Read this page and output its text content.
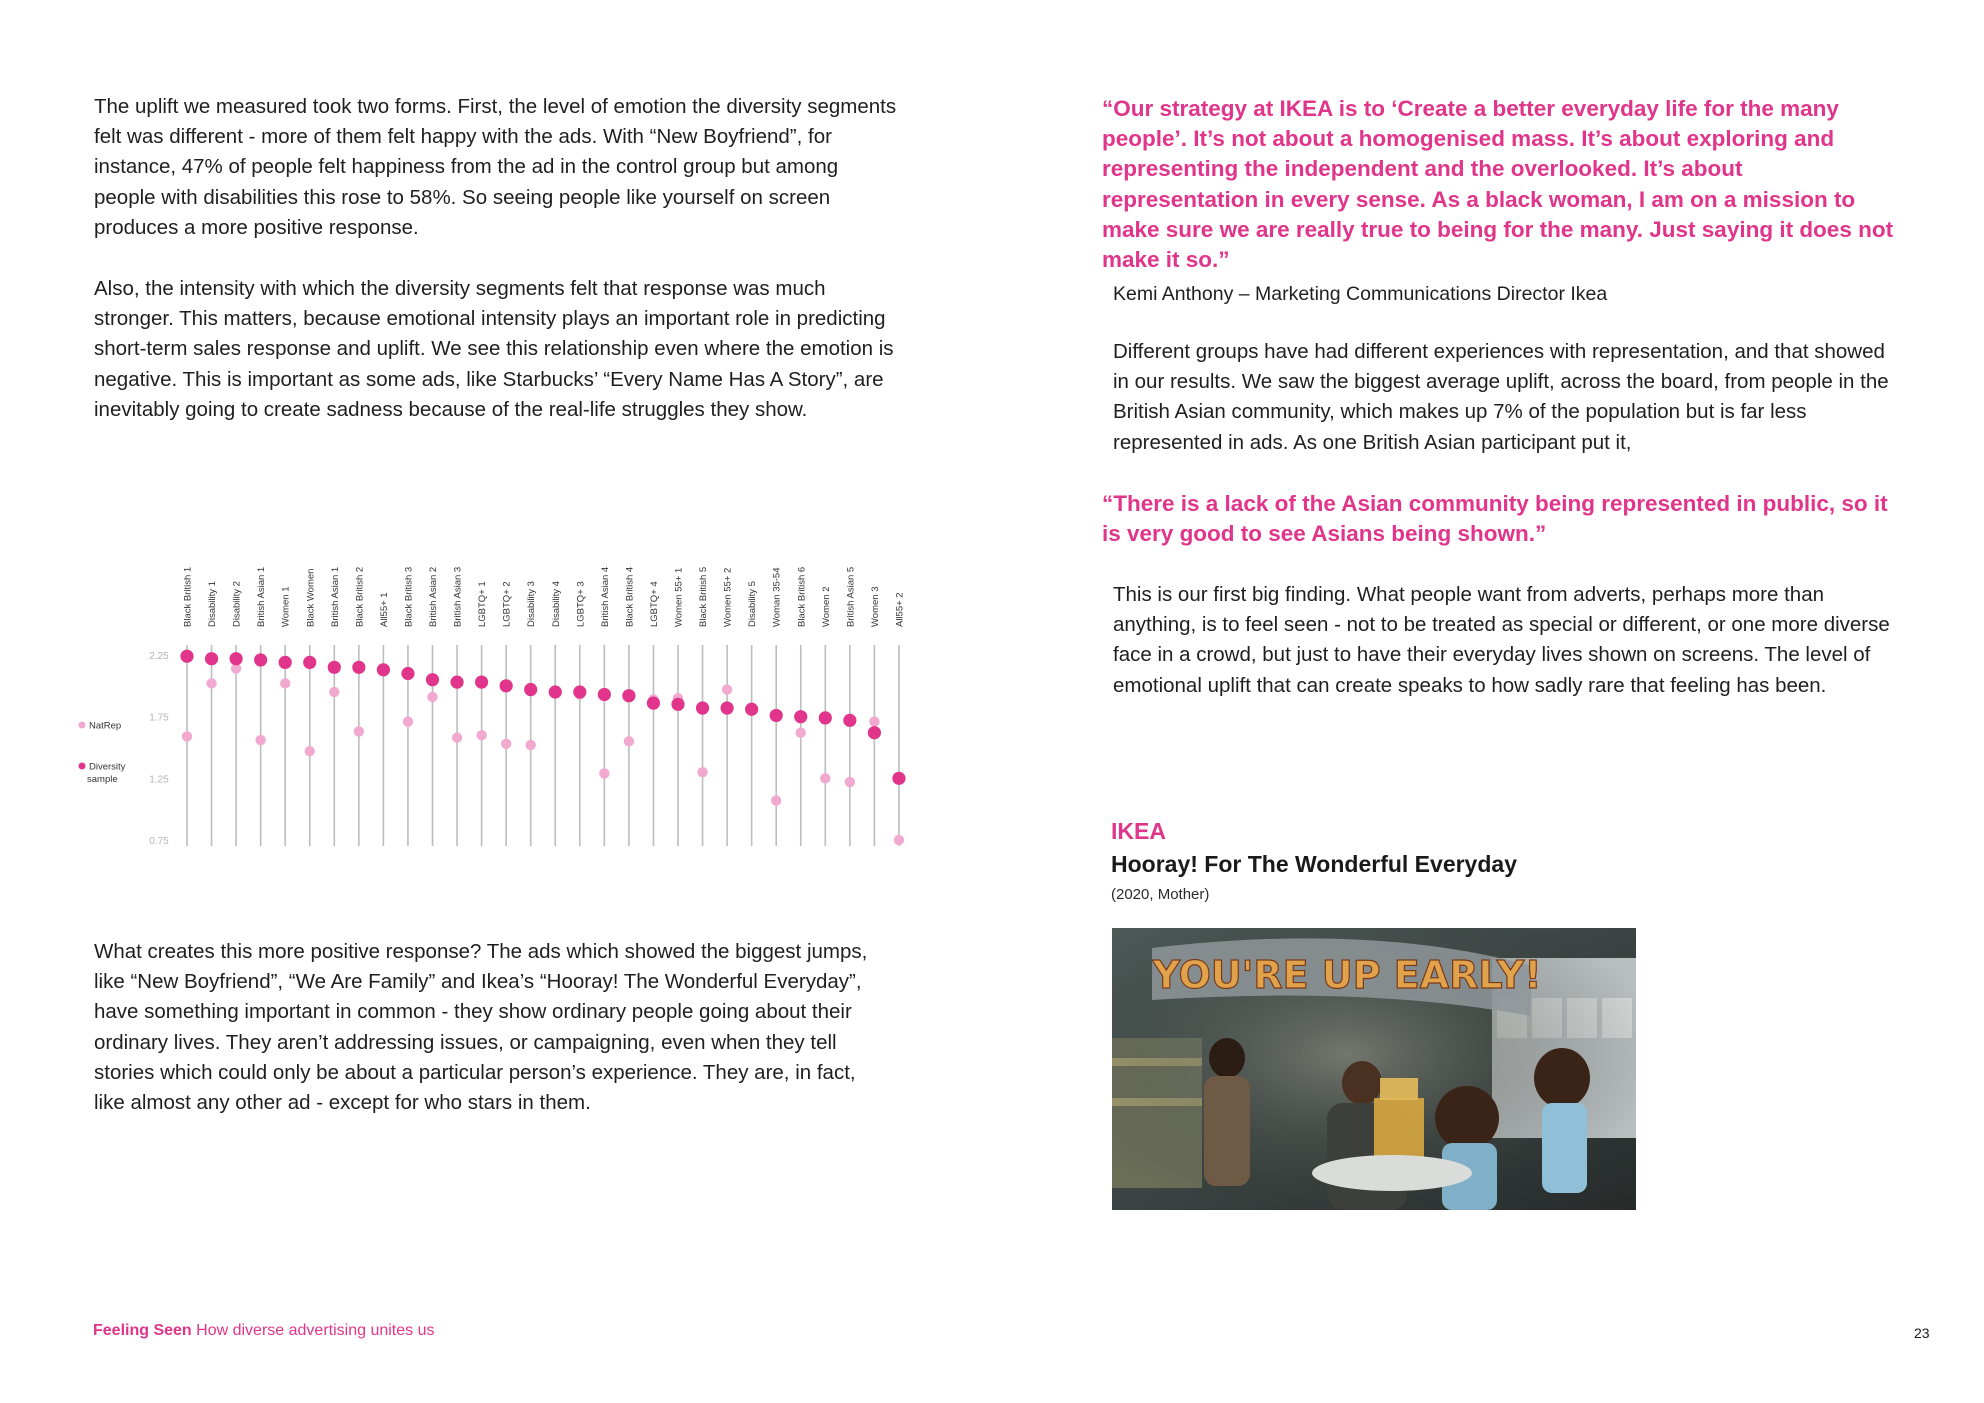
The uplift we measured took two forms. First, the level of emotion the diversity segments felt was different - more of them felt happy with the ads. With “New Boyfriend”, for instance, 47% of people felt happiness from the ad in the control group but among people with disabilities this rose to 58%. So seeing people like yourself on screen produces a more positive response.

Also, the intensity with which the diversity segments felt that response was much stronger. This matters, because emotional intensity plays an important role in predicting short-term sales response and uplift. We see this relationship even where the emotion is negative. This is important as some ads, like Starbucks’ “Every Name Has A Story”, are inevitably going to create sadness because of the real-life struggles they show.

2.25
1.75
1.25
0.75
Black British 1 Disability 1 Disability 2 British Asian 1 Women 1 Black Women British Asian 1 Black British 2 All55+ 1 Black British 3 British Asian 2 British Asian 3 LGBTQ+ 1 LGBTQ+ 2 Disability 3 Disability 4 LGBTQ+ 3 British Asian 4 Black British 4 LGBTQ+ 4 Women 55+ 1 Black British 5 Women 55+ 2 Disability 5 Woman 35-54 Black British 6 Women 2 British Asian 5 Women 3 All55+ 2
NatRep
Diversity
sample

What creates this more positive response? The ads which showed the biggest jumps, like “New Boyfriend”, “We Are Family” and Ikea’s “Hooray! The Wonderful Everyday”, have something important in common - they show ordinary people going about their ordinary lives. They aren’t addressing issues, or campaigning, even when they tell stories which could only be about a particular person’s experience. They are, in fact, like almost any other ad - except for who stars in them.

“Our strategy at IKEA is to ‘Create a better everyday life for the many people’. It’s not about a homogenised mass. It’s about exploring and representing the independent and the overlooked. It’s about representation in every sense. As a black woman, I am on a mission to make sure we are really true to being for the many. Just saying it does not make it so.”

Kemi Anthony – Marketing Communications Director Ikea

Different groups have had different experiences with representation, and that showed in our results. We saw the biggest average uplift, across the board, from people in the British Asian community, which makes up 7% of the population but is far less represented in ads. As one British Asian participant put it,

“There is a lack of the Asian community being represented in public, so it is very good to see Asians being shown.”

This is our first big finding. What people want from adverts, perhaps more than anything, is to feel seen - not to be treated as special or different, or one more diverse face in a crowd, but just to have their everyday lives shown on screens. The level of emotional uplift that can create speaks to how sadly rare that feeling has been.

IKEA
Hooray! For The Wonderful Everyday
(2020, Mother)
YOU'RE UP EARLY!
Feeling Seen How diverse advertising unites us	23
